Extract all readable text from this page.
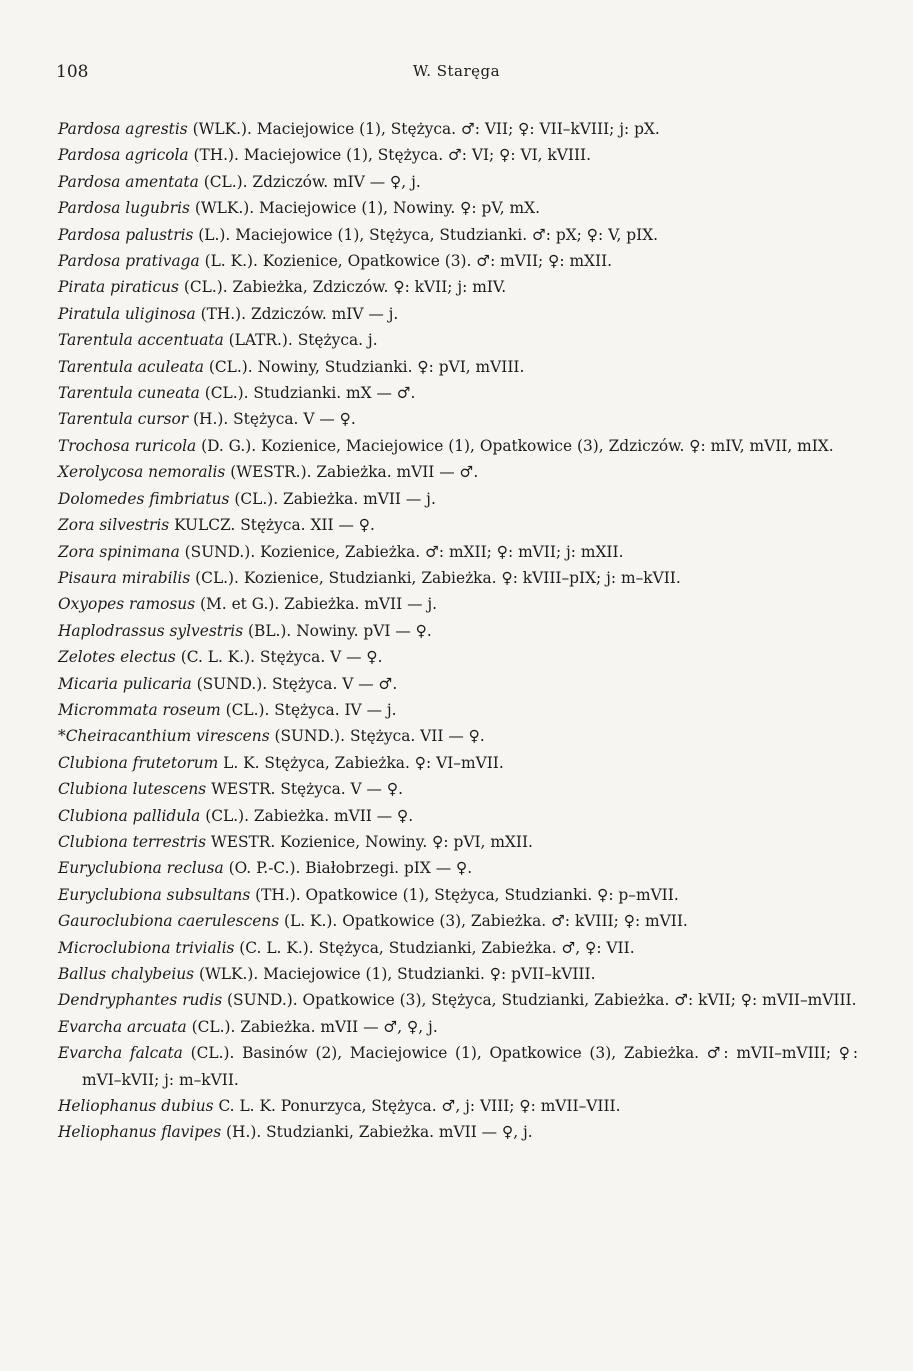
108	W. Staręga
Pardosa agrestis (WLK.). Maciejowice (1), Stężyca. ♂: VII; ♀: VII–kVIII; j: pX.
Pardosa agricola (TH.). Maciejowice (1), Stężyca. ♂: VI; ♀: VI, kVIII.
Pardosa amentata (CL.). Zdziczów. mIV — ♀, j.
Pardosa lugubris (WLK.). Maciejowice (1), Nowiny. ♀: pV, mX.
Pardosa palustris (L.). Maciejowice (1), Stężyca, Studzianki. ♂: pX; ♀: V, pIX.
Pardosa prativaga (L. K.). Kozienice, Opatkowice (3). ♂: mVII; ♀: mXII.
Pirata piraticus (CL.). Zabieżka, Zdziczów. ♀: kVII; j: mIV.
Piratula uliginosa (TH.). Zdziczów. mIV — j.
Tarentula accentuata (LATR.). Stężyca. j.
Tarentula aculeata (CL.). Nowiny, Studzianki. ♀: pVI, mVIII.
Tarentula cuneata (CL.). Studzianki. mX — ♂.
Tarentula cursor (H.). Stężyca. V — ♀.
Trochosa ruricola (D. G.). Kozienice, Maciejowice (1), Opatkowice (3), Zdziczów. ♀: mIV, mVII, mIX.
Xerolycosa nemoralis (WESTR.). Zabieżka. mVII — ♂.
Dolomedes fimbriatus (CL.). Zabieżka. mVII — j.
Zora silvestris KULCZ. Stężyca. XII — ♀.
Zora spinimana (SUND.). Kozienice, Zabieżka. ♂: mXII; ♀: mVII; j: mXII.
Pisaura mirabilis (CL.). Kozienice, Studzianki, Zabieżka. ♀: kVIII–pIX; j: m–kVII.
Oxyopes ramosus (M. et G.). Zabieżka. mVII — j.
Haplodrassus sylvestris (BL.). Nowiny. pVI — ♀.
Zelotes electus (C. L. K.). Stężyca. V — ♀.
Micaria pulicaria (SUND.). Stężyca. V — ♂.
Micrommata roseum (CL.). Stężyca. IV — j.
*Cheiracanthium virescens (SUND.). Stężyca. VII — ♀.
Clubiona frutetorum L. K. Stężyca, Zabieżka. ♀: VI–mVII.
Clubiona lutescens WESTR. Stężyca. V — ♀.
Clubiona pallidula (CL.). Zabieżka. mVII — ♀.
Clubiona terrestris WESTR. Kozienice, Nowiny. ♀: pVI, mXII.
Euryclubiona reclusa (O. P.-C.). Białobrzegi. pIX — ♀.
Euryclubiona subsultans (TH.). Opatkowice (1), Stężyca, Studzianki. ♀: p–mVII.
Gauroclubiona caerulescens (L. K.). Opatkowice (3), Zabieżka. ♂: kVIII; ♀: mVII.
Microclubiona trivialis (C. L. K.). Stężyca, Studzianki, Zabieżka. ♂, ♀: VII.
Ballus chalybeius (WLK.). Maciejowice (1), Studzianki. ♀: pVII–kVIII.
Dendryphantes rudis (SUND.). Opatkowice (3), Stężyca, Studzianki, Zabieżka. ♂: kVII; ♀: mVII–mVIII.
Evarcha arcuata (CL.). Zabieżka. mVII — ♂, ♀, j.
Evarcha falcata (CL.). Basinów (2), Maciejowice (1), Opatkowice (3), Zabieżka. ♂: mVII–mVIII; ♀: mVI–kVII; j: m–kVII.
Heliophanus dubius C. L. K. Ponurzyca, Stężyca. ♂, j: VIII; ♀: mVII–VIII.
Heliophanus flavipes (H.). Studzianki, Zabieżka. mVII — ♀, j.
